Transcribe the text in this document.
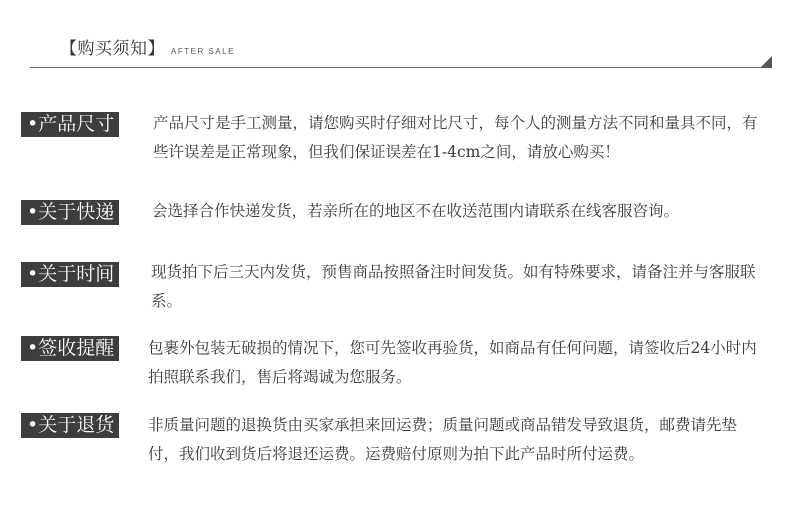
【购买须知】 AFTER SALE
•产品尺寸	产品尺寸是手工测量，请您购买时仔细对比尺寸，每个人的测量方法不同和量具不同，有些许误差是正常现象，但我们保证误差在1-4cm之间，请放心购买！

•关于快递	会选择合作快递发货，若亲所在的地区不在收送范围内请联系在线客服咨询。

•关于时间	现货拍下后三天内发货，预售商品按照备注时间发货。如有特殊要求，请备注并与客服联系。

•签收提醒	包裹外包装无破损的情况下，您可先签收再验货，如商品有任何问题，请签收后24小时内拍照联系我们，售后将竭诚为您服务。

•关于退货	非质量问题的退换货由买家承担来回运费；质量问题或商品错发导致退货，邮费请先垫付，我们收到货后将退还运费。运费赔付原则为拍下此产品时所付运费。
